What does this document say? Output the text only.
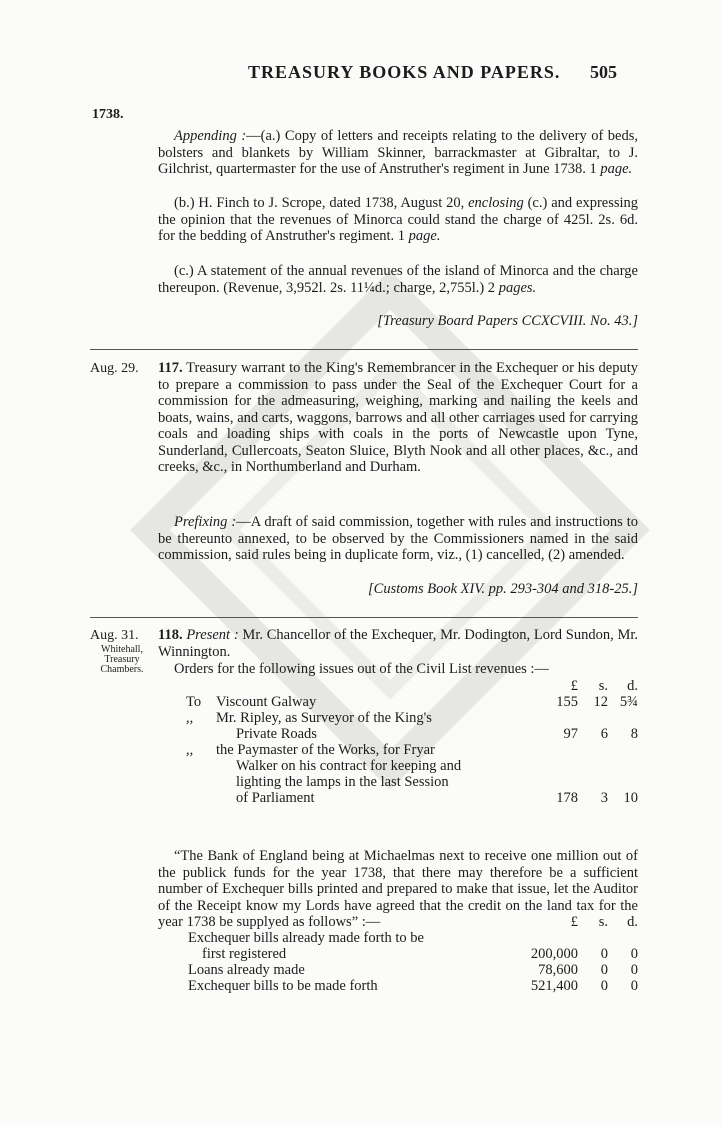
TREASURY BOOKS AND PAPERS. 505
1738.

Appending :—(a.) Copy of letters and receipts relating to the delivery of beds, bolsters and blankets by William Skinner, barrackmaster at Gibraltar, to J. Gilchrist, quartermaster for the use of Anstruther's regiment in June 1738. 1 page.

(b.) H. Finch to J. Scrope, dated 1738, August 20, enclosing (c.) and expressing the opinion that the revenues of Minorca could stand the charge of 425l. 2s. 6d. for the bedding of Anstruther's regiment. 1 page.

(c.) A statement of the annual revenues of the island of Minorca and the charge thereupon. (Revenue, 3,952l. 2s. 11¼d.; charge, 2,755l.) 2 pages.

[Treasury Board Papers CCXCVIII. No. 43.]
Aug. 29. 117. Treasury warrant to the King's Remembrancer in the Exchequer or his deputy to prepare a commission to pass under the Seal of the Exchequer Court for a commission for the admeasuring, weighing, marking and nailing the keels and boats, wains, and carts, waggons, barrows and all other carriages used for carrying coals and loading ships with coals in the ports of Newcastle upon Tyne, Sunderland, Cullercoats, Seaton Sluice, Blyth Nook and all other places, &c., and creeks, &c., in Northumberland and Durham.

Prefixing :—A draft of said commission, together with rules and instructions to be thereunto annexed, to be observed by the Commissioners named in the said commission, said rules being in duplicate form, viz., (1) cancelled, (2) amended.

[Customs Book XIV. pp. 293-304 and 318-25.]
Aug. 31.
Whitehall,
Treasury
Chambers.

118. Present : Mr. Chancellor of the Exchequer, Mr. Dodington, Lord Sundon, Mr. Winnington.

Orders for the following issues out of the Civil List revenues :—

		£	s.	d.
To	Viscount Galway	155	12	5¾
,,	Mr. Ripley, as Surveyor of the King's			
	Private Roads	97	6	8
,,	the Paymaster of the Works, for Fryar			
	Walker on his contract for keeping and			
	lighting the lamps in the last Session			
	of Parliament	178	3	10

“The Bank of England being at Michaelmas next to receive one million out of the publick funds for the year 1738, that there may therefore be a sufficient number of Exchequer bills printed and prepared to make that issue, let the Auditor of the Receipt know my Lords have agreed that the credit on the land tax for the year 1738 be supplyed as follows” :—

		£	s.	d.
Exchequer bills already made forth to be			
first registered	200,000	0	0
Loans already made	78,600	0	0
Exchequer bills to be made forth	521,400	0	0
